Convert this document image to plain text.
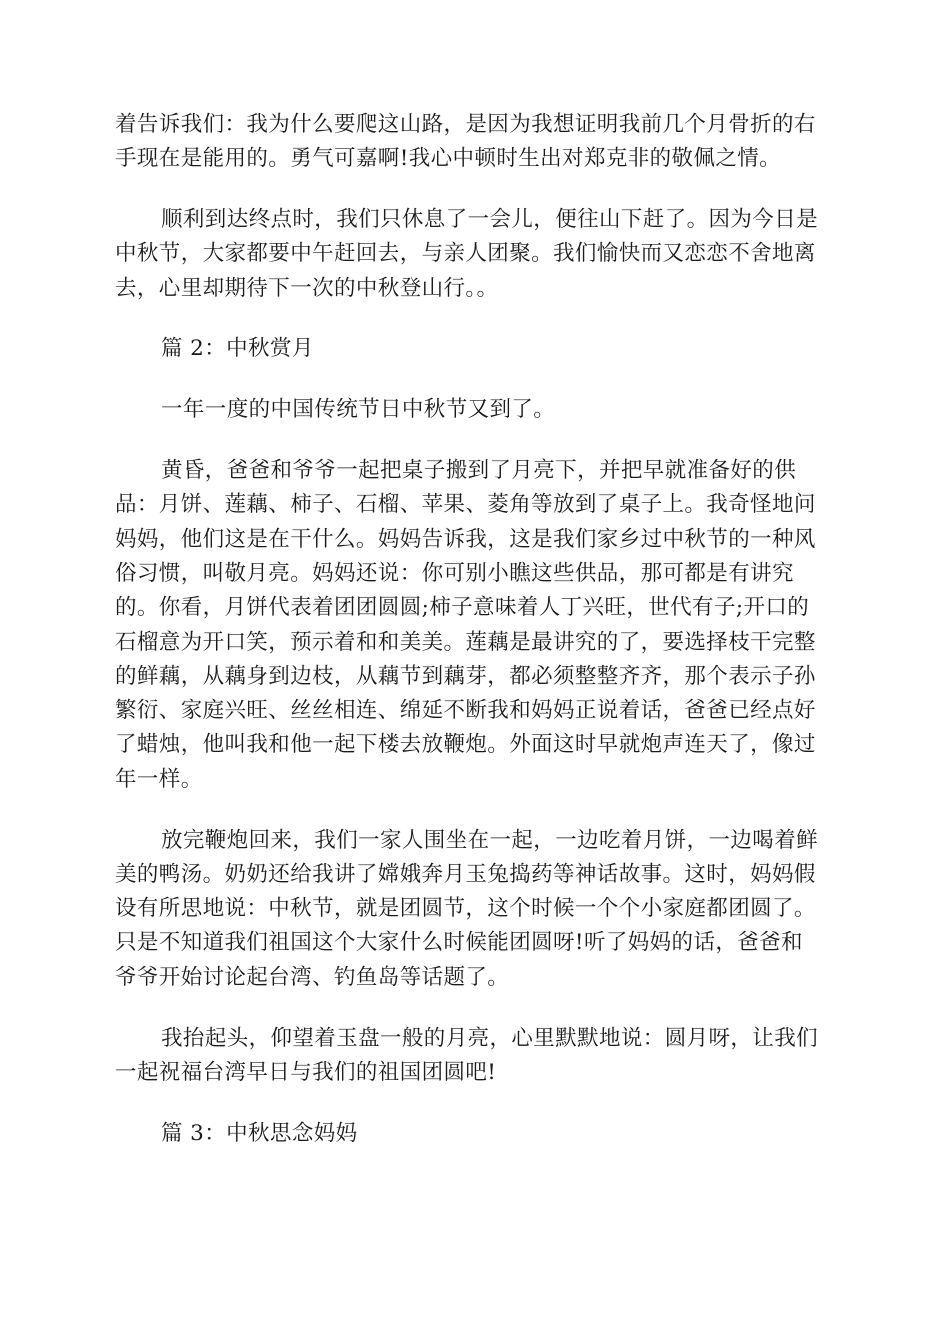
着告诉我们：我为什么要爬这山路，是因为我想证明我前几个月骨折的右
手现在是能用的。勇气可嘉啊!我心中顿时生出对郑克非的敬佩之情。
顺利到达终点时，我们只休息了一会儿，便往山下赶了。因为今日是
中秋节，大家都要中午赶回去，与亲人团聚。我们愉快而又恋恋不舍地离
去，心里却期待下一次的中秋登山行。。
篇 2：中秋赏月
一年一度的中国传统节日中秋节又到了。
黄昏，爸爸和爷爷一起把桌子搬到了月亮下，并把早就准备好的供
品：月饼、莲藕、柿子、石榴、苹果、菱角等放到了桌子上。我奇怪地问
妈妈，他们这是在干什么。妈妈告诉我，这是我们家乡过中秋节的一种风
俗习惯，叫敬月亮。妈妈还说：你可别小瞧这些供品，那可都是有讲究
的。你看，月饼代表着团团圆圆;柿子意味着人丁兴旺，世代有子;开口的
石榴意为开口笑，预示着和和美美。莲藕是最讲究的了，要选择枝干完整
的鲜藕，从藕身到边枝，从藕节到藕芽，都必须整整齐齐，那个表示子孙
繁衍、家庭兴旺、丝丝相连、绵延不断我和妈妈正说着话，爸爸已经点好
了蜡烛，他叫我和他一起下楼去放鞭炮。外面这时早就炮声连天了，像过
年一样。
放完鞭炮回来，我们一家人围坐在一起，一边吃着月饼，一边喝着鲜
美的鸭汤。奶奶还给我讲了嫦娥奔月玉兔捣药等神话故事。这时，妈妈假
设有所思地说：中秋节，就是团圆节，这个时候一个个小家庭都团圆了。
只是不知道我们祖国这个大家什么时候能团圆呀!听了妈妈的话，爸爸和
爷爷开始讨论起台湾、钓鱼岛等话题了。
我抬起头，仰望着玉盘一般的月亮，心里默默地说：圆月呀，让我们
一起祝福台湾早日与我们的祖国团圆吧!
篇 3：中秋思念妈妈
